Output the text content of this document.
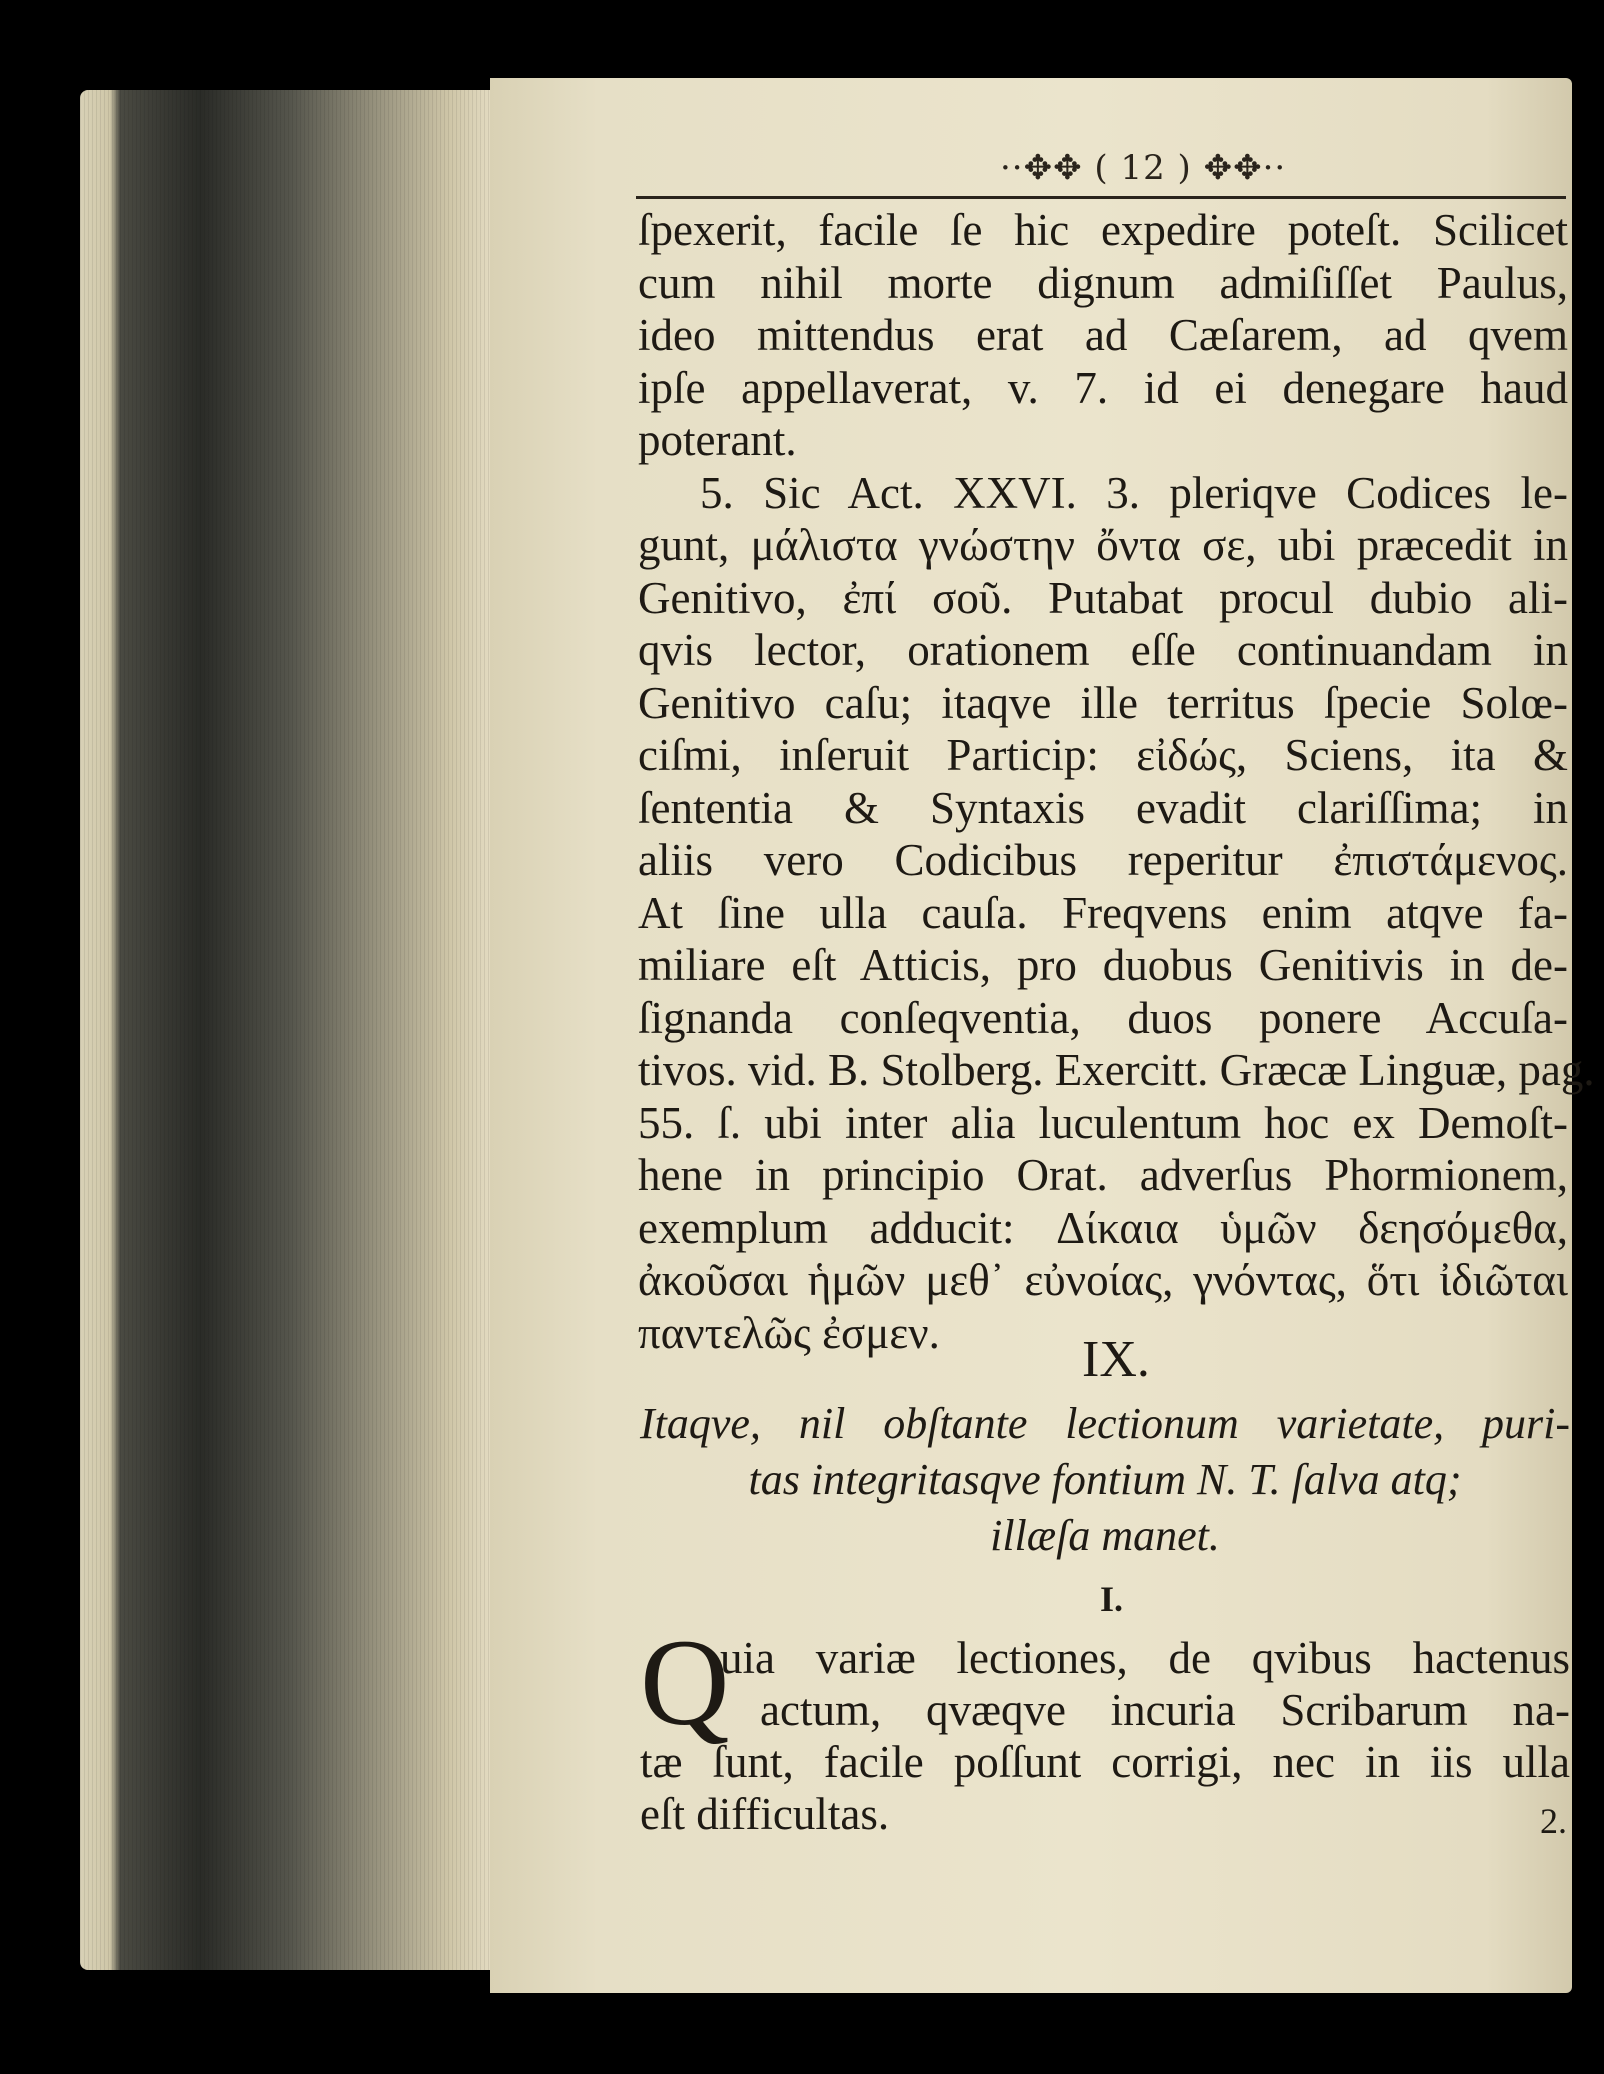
··✥✥ ( 12 ) ✥✥··
ſpexerit, facile ſe hic expedire poteſt. Scilicet
cum nihil morte dignum admiſiſſet Paulus,
ideo mittendus erat ad Cæſarem, ad qvem
ipſe appellaverat, v. 7. id ei denegare haud
poterant.
5. Sic Act. XXVI. 3. pleriqve Codices le-
gunt, μάλιστα γνώστην ὄντα σε, ubi præcedit in
Genitivo, ἐπί σοῦ. Putabat procul dubio ali-
qvis lector, orationem eſſe continuandam in
Genitivo caſu; itaqve ille territus ſpecie Solœ-
ciſmi, inſeruit Particip: εἰδώς, Sciens, ita &
ſententia & Syntaxis evadit clariſſima; in
aliis vero Codicibus reperitur ἐπιστάμενος.
At ſine ulla cauſa. Freqvens enim atqve fa-
miliare eſt Atticis, pro duobus Genitivis in de-
ſignanda conſeqventia, duos ponere Accuſa-
tivos. vid. B. Stolberg. Exercitt. Græcæ Linguæ, pag.
55. ſ. ubi inter alia luculentum hoc ex Demoſt-
hene in principio Orat. adverſus Phormionem,
exemplum adducit: Δίκαια ὑμῶν δεησόμεθα,
ἀκοῦσαι ἡμῶν μεθ᾽ εὐνοίας, γνόντας, ὅτι ἰδιῶται
παντελῶς ἐσμεν.	IX.
Itaqve, nil obſtante lectionum varietate, puri-
tas integritasqve fontium N. T. ſalva atq;
illæſa manet.
I.
Q
uia variæ lectiones, de qvibus hactenus
actum, qvæqve incuria Scribarum na-
tæ ſunt, facile poſſunt corrigi, nec in iis ulla
eſt difficultas.	2.
